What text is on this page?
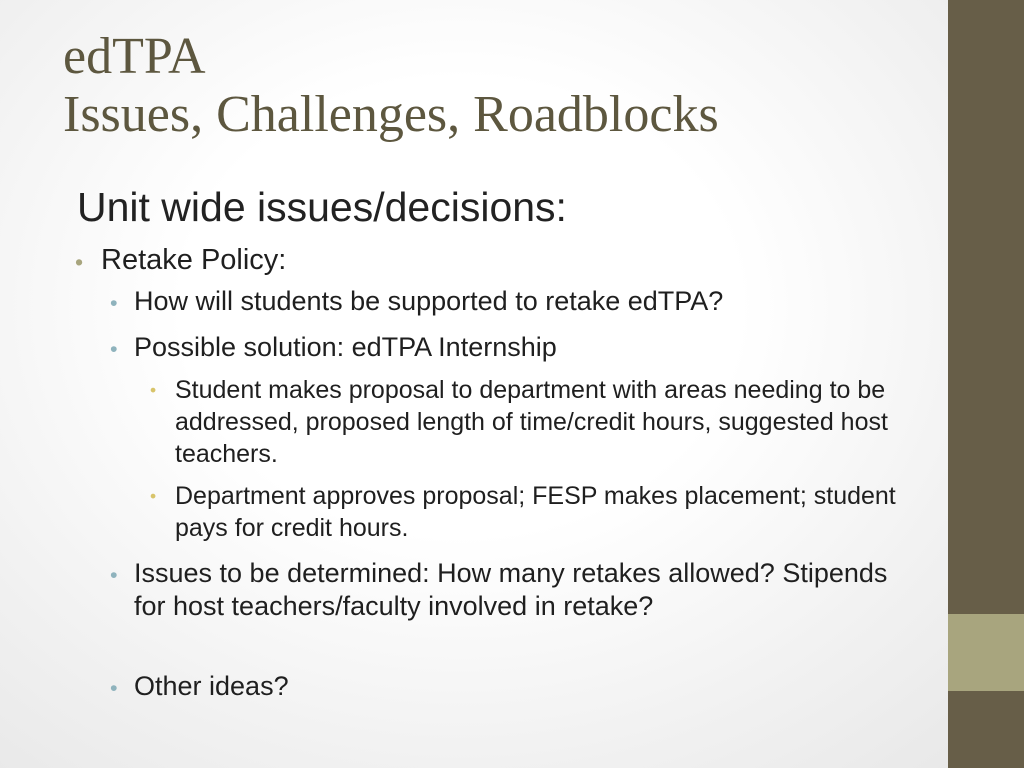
edTPA
Issues, Challenges, Roadblocks
Unit wide issues/decisions:
• Retake Policy:
• How will students be supported to retake edTPA?
• Possible solution: edTPA Internship
• Student makes proposal to department with areas needing to be addressed, proposed length of time/credit hours, suggested host teachers.
• Department approves proposal; FESP makes placement; student pays for credit hours.
• Issues to be determined: How many retakes allowed? Stipends for host teachers/faculty involved in retake?
• Other ideas?
